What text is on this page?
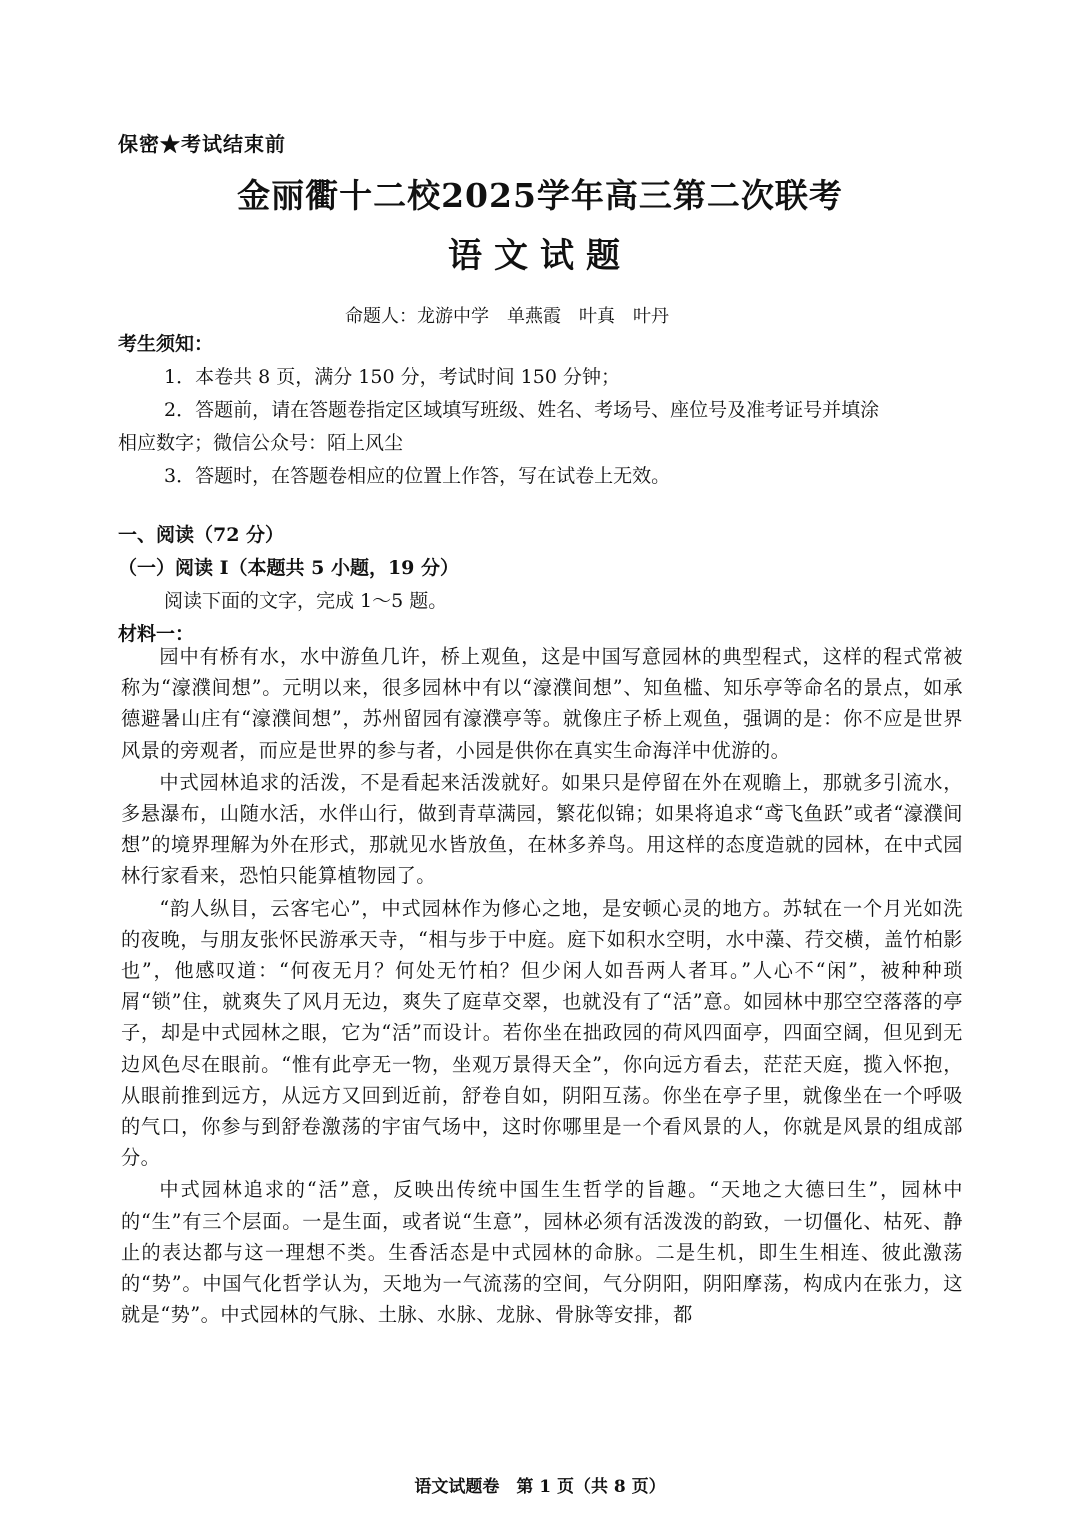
保密★考试结束前
金丽衢十二校2025学年高三第二次联考
语文试题
命题人：龙游中学　单燕霞　叶真　叶丹
考生须知：
1．本卷共 8 页，满分 150 分，考试时间 150 分钟；
2．答题前，请在答题卷指定区域填写班级、姓名、考场号、座位号及准考证号并填涂
相应数字；微信公众号：陌上风尘
3．答题时，在答题卷相应的位置上作答，写在试卷上无效。
一、阅读（72 分）
（一）阅读 I（本题共 5 小题，19 分）
阅读下面的文字，完成 1～5 题。
材料一：

园中有桥有水，水中游鱼几许，桥上观鱼，这是中国写意园林的典型程式，这样的程式常被称为“濠濮间想”。元明以来，很多园林中有以“濠濮间想”、知鱼槛、知乐亭等命名的景点，如承德避暑山庄有“濠濮间想”，苏州留园有濠濮亭等。就像庄子桥上观鱼，强调的是：你不应是世界风景的旁观者，而应是世界的参与者，小园是供你在真实生命海洋中优游的。

中式园林追求的活泼，不是看起来活泼就好。如果只是停留在外在观瞻上，那就多引流水，多悬瀑布，山随水活，水伴山行，做到青草满园，繁花似锦；如果将追求“鸢飞鱼跃”或者“濠濮间想”的境界理解为外在形式，那就见水皆放鱼，在林多养鸟。用这样的态度造就的园林，在中式园林行家看来，恐怕只能算植物园了。

“韵人纵目，云客宅心”，中式园林作为修心之地，是安顿心灵的地方。苏轼在一个月光如洗的夜晚，与朋友张怀民游承天寺，“相与步于中庭。庭下如积水空明，水中藻、荇交横，盖竹柏影也”，他感叹道：“何夜无月？何处无竹柏？但少闲人如吾两人者耳。”人心不“闲”，被种种琐屑“锁”住，就爽失了风月无边，爽失了庭草交翠，也就没有了“活”意。如园林中那空空落落的亭子，却是中式园林之眼，它为“活”而设计。若你坐在拙政园的荷风四面亭，四面空阔，但见到无边风色尽在眼前。“惟有此亭无一物，坐观万景得天全”，你向远方看去，茫茫天庭，揽入怀抱，从眼前推到远方，从远方又回到近前，舒卷自如，阴阳互荡。你坐在亭子里，就像坐在一个呼吸的气口，你参与到舒卷激荡的宇宙气场中，这时你哪里是一个看风景的人，你就是风景的组成部分。

中式园林追求的“活”意，反映出传统中国生生哲学的旨趣。“天地之大德曰生”，园林中的“生”有三个层面。一是生面，或者说“生意”，园林必须有活泼泼的韵致，一切僵化、枯死、静止的表达都与这一理想不类。生香活态是中式园林的命脉。二是生机，即生生相连、彼此激荡的“势”。中国气化哲学认为，天地为一气流荡的空间，气分阴阳，阴阳摩荡，构成内在张力，这就是“势”。中式园林的气脉、土脉、水脉、龙脉、骨脉等安排，都

语文试题卷　第 1 页（共 8 页）
